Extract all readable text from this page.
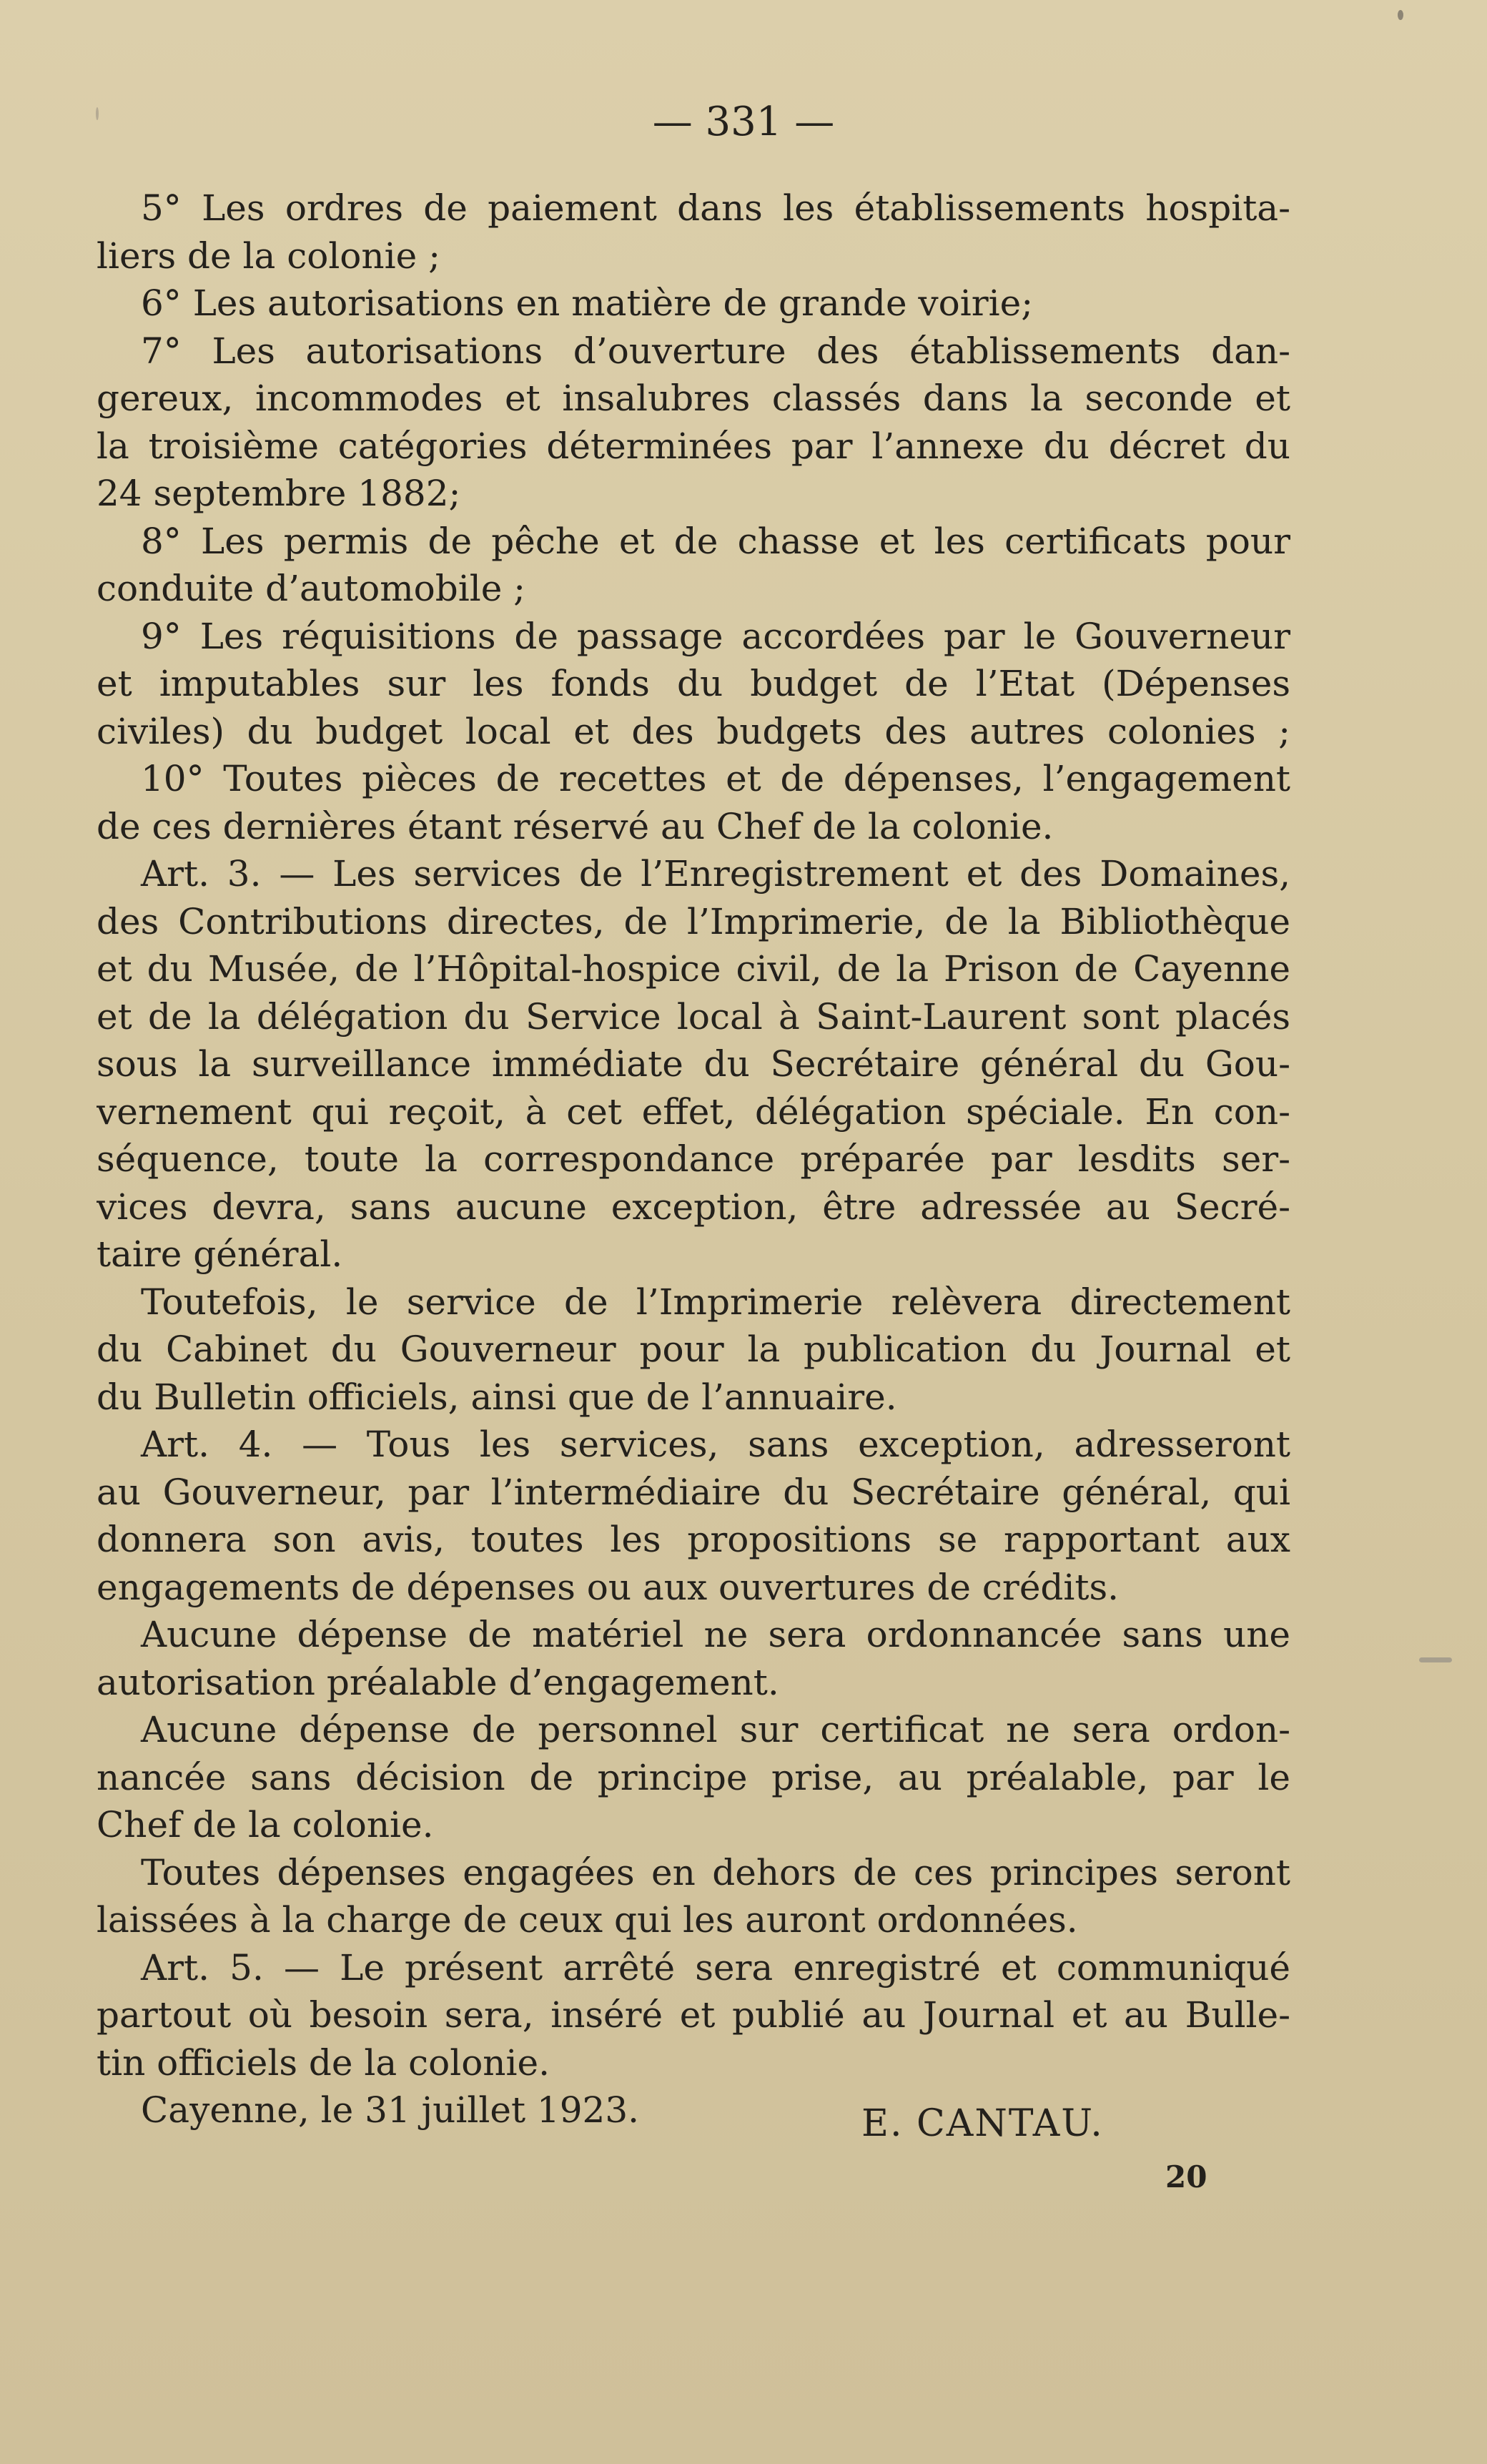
— 331 —
5° Les ordres de paiement dans les établissements hospita-
liers de la colonie ;
6° Les autorisations en matière de grande voirie;
7° Les autorisations d’ouverture des établissements dan-
gereux, incommodes et insalubres classés dans la seconde et
la troisième catégories déterminées par l’annexe du décret du
24 septembre 1882;
8° Les permis de pêche et de chasse et les certificats pour
conduite d’automobile ;
9° Les réquisitions de passage accordées par le Gouverneur
et imputables sur les fonds du budget de l’Etat (Dépenses
civiles) du budget local et des budgets des autres colonies ;
10° Toutes pièces de recettes et de dépenses, l’engagement
de ces dernières étant réservé au Chef de la colonie.
Art. 3. — Les services de l’Enregistrement et des Domaines,
des Contributions directes, de l’Imprimerie, de la Bibliothèque
et du Musée, de l’Hôpital-hospice civil, de la Prison de Cayenne
et de la délégation du Service local à Saint-Laurent sont placés
sous la surveillance immédiate du Secrétaire général du Gou-
vernement qui reçoit, à cet effet, délégation spéciale. En con-
séquence, toute la correspondance préparée par lesdits ser-
vices devra, sans aucune exception, être adressée au Secré-
taire général.
Toutefois, le service de l’Imprimerie relèvera directement
du Cabinet du Gouverneur pour la publication du Journal et
du Bulletin officiels, ainsi que de l’annuaire.
Art. 4. — Tous les services, sans exception, adresseront
au Gouverneur, par l’intermédiaire du Secrétaire général, qui
donnera son avis, toutes les propositions se rapportant aux
engagements de dépenses ou aux ouvertures de crédits.
Aucune dépense de matériel ne sera ordonnancée sans une
autorisation préalable d’engagement.
Aucune dépense de personnel sur certificat ne sera ordon-
nancée sans décision de principe prise, au préalable, par le
Chef de la colonie.
Toutes dépenses engagées en dehors de ces principes seront
laissées à la charge de ceux qui les auront ordonnées.
Art. 5. — Le présent arrêté sera enregistré et communiqué
partout où besoin sera, inséré et publié au Journal et au Bulle-
tin officiels de la colonie.
Cayenne, le 31 juillet 1923.	E. CANTAU.
20
